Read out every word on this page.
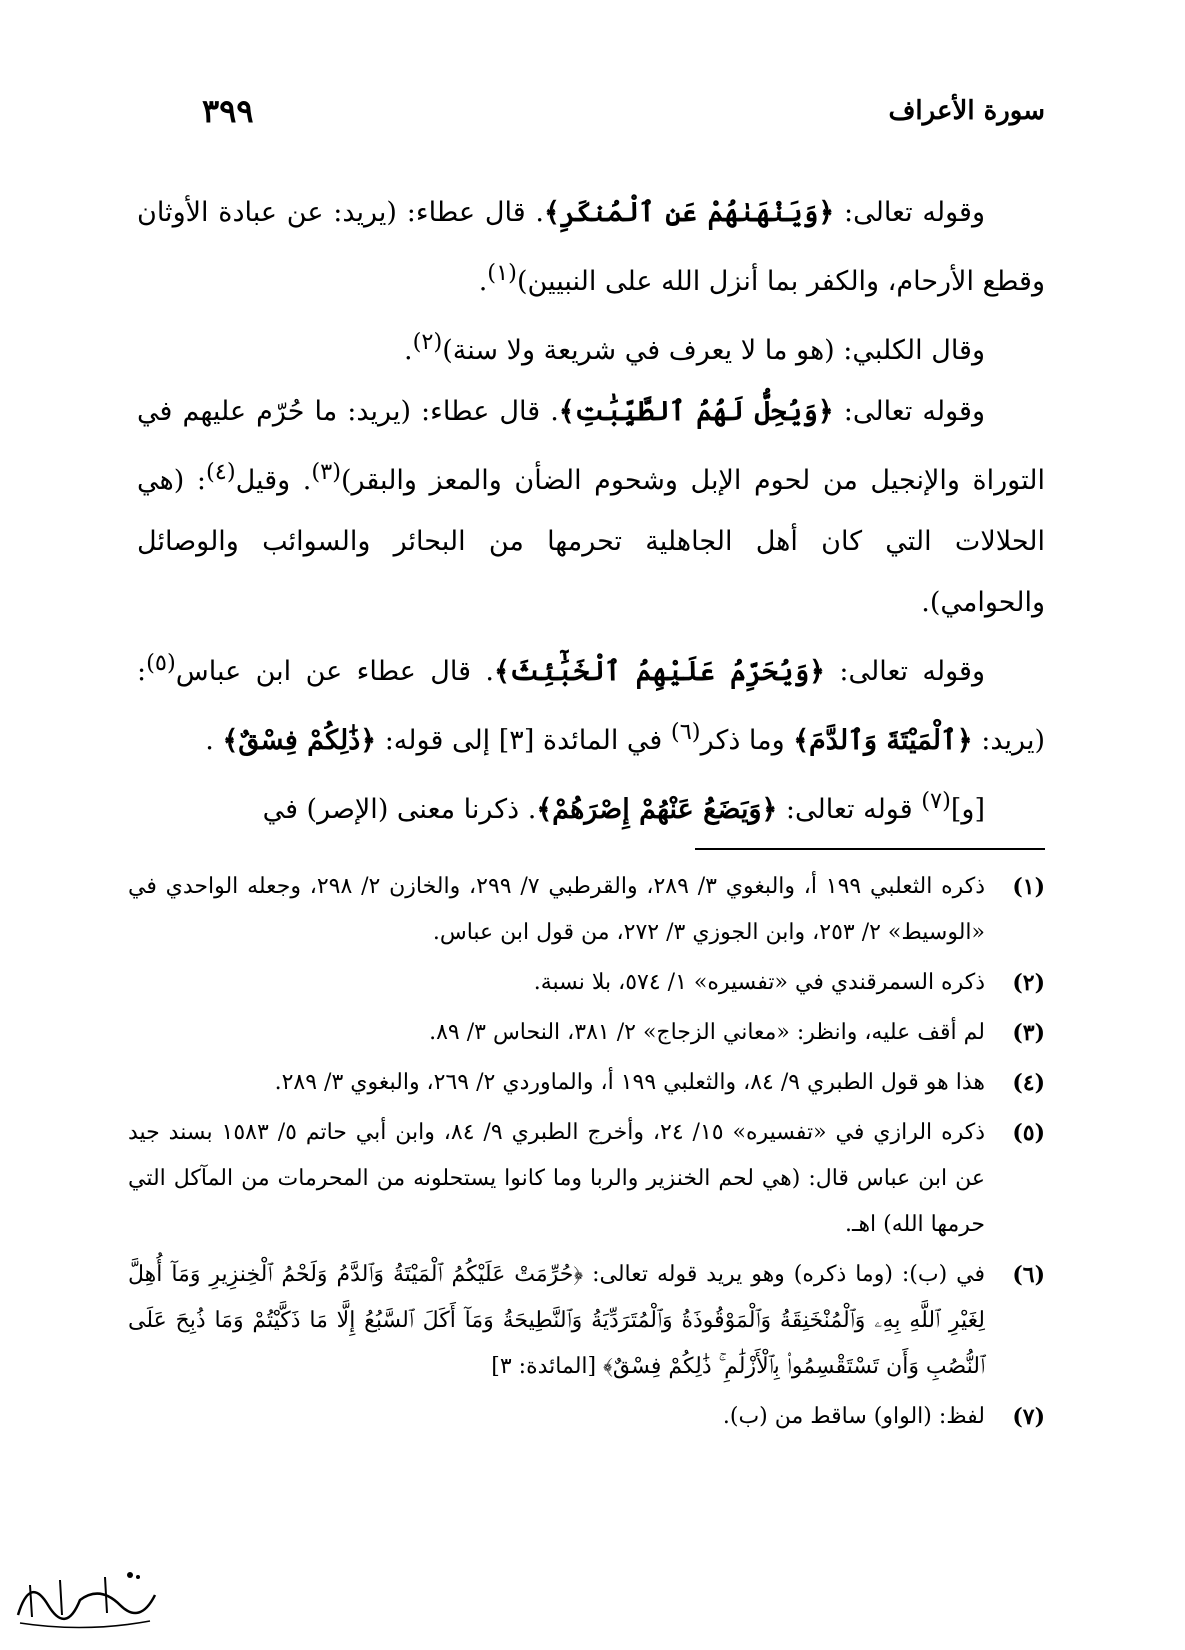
سورة الأعراف
٣٩٩

وقوله تعالى: ﴿وَيَنْهَىٰهُمْ عَنِ ٱلْمُنكَرِ﴾. قال عطاء: (يريد: عن عبادة الأوثان وقطع الأرحام، والكفر بما أنزل الله على النبيين)$^{(١)}$.

وقال الكلبي: (هو ما لا يعرف في شريعة ولا سنة)$^{(٢)}$.

وقوله تعالى: ﴿وَيُحِلُّ لَهُمُ ٱلطَّيِّبَٰتِ﴾. قال عطاء: (يريد: ما حُرّم عليهم في التوراة والإنجيل من لحوم الإبل وشحوم الضأن والمعز والبقر)$^{(٣)}$. وقيل$^{(٤)}$: (هي الحلالات التي كان أهل الجاهلية تحرمها من البحائر والسوائب والوصائل والحوامي).

وقوله تعالى: ﴿وَيُحَرِّمُ عَلَيْهِمُ ٱلْخَبَٰٓئِثَ﴾. قال عطاء عن ابن عباس$^{(٥)}$: (يريد: ﴿ٱلْمَيْتَةَ وَٱلدَّمَ﴾ وما ذكر$^{(٦)}$ في المائدة [٣] إلى قوله: ﴿ذَٰلِكُمْ فِسْقٌ﴾ .

[و]$^{(٧)}$ قوله تعالى: ﴿وَيَضَعُ عَنْهُمْ إِصْرَهُمْ﴾. ذكرنا معنى (الإصر) في

(١)
ذكره الثعلبي ١٩٩ أ، والبغوي ٣/ ٢٨٩، والقرطبي ٧/ ٢٩٩، والخازن ٢/ ٢٩٨، وجعله الواحدي في «الوسيط» ٢/ ٢٥٣، وابن الجوزي ٣/ ٢٧٢، من قول ابن عباس.

(٢)
ذكره السمرقندي في «تفسيره» ١/ ٥٧٤، بلا نسبة.

(٣)
لم أقف عليه، وانظر: «معاني الزجاج» ٢/ ٣٨١، النحاس ٣/ ٨٩.

(٤)
هذا هو قول الطبري ٩/ ٨٤، والثعلبي ١٩٩ أ، والماوردي ٢/ ٢٦٩، والبغوي ٣/ ٢٨٩.

(٥)
ذكره الرازي في «تفسيره» ١٥/ ٢٤، وأخرج الطبري ٩/ ٨٤، وابن أبي حاتم ٥/ ١٥٨٣ بسند جيد عن ابن عباس قال: (هي لحم الخنزير والربا وما كانوا يستحلونه من المحرمات من المآكل التي حرمها الله) اهـ.

(٦)
في (ب): (وما ذكره) وهو يريد قوله تعالى: ﴿حُرِّمَتْ عَلَيْكُمُ ٱلْمَيْتَةُ وَٱلدَّمُ وَلَحْمُ ٱلْخِنزِيرِ وَمَآ أُهِلَّ لِغَيْرِ ٱللَّهِ بِهِۦ وَٱلْمُنْخَنِقَةُ وَٱلْمَوْقُوذَةُ وَٱلْمُتَرَدِّيَةُ وَٱلنَّطِيحَةُ وَمَآ أَكَلَ ٱلسَّبُعُ إِلَّا مَا ذَكَّيْتُمْ وَمَا ذُبِحَ عَلَى ٱلنُّصُبِ وَأَن تَسْتَقْسِمُوا۟ بِٱلْأَزْلَٰمِ ۚ ذَٰلِكُمْ فِسْقٌ﴾ [المائدة: ٣]

(٧)
لفظ: (الواو) ساقط من (ب).
